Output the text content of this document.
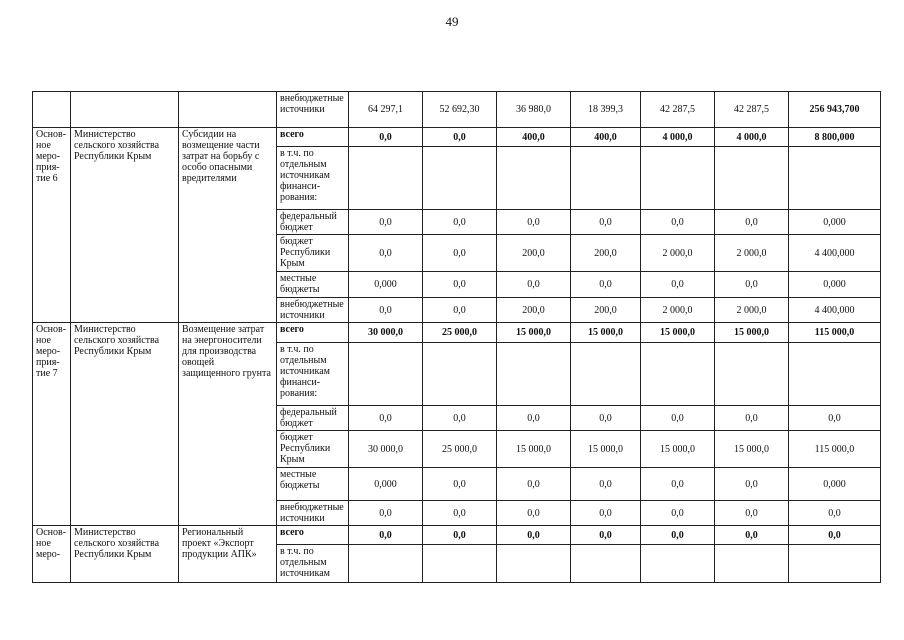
49
			внебюджетные источники	64 297,1	52 692,30	36 980,0	18 399,3	42 287,5	42 287,5	256 943,700
Основ-ное меро-прия-тие 6	Министерство сельского хозяйства Республики Крым	Субсидии на возмещение части затрат на борьбу с особо опасными вредителями	всего	0,0	0,0	400,0	400,0	4 000,0	4 000,0	8 800,000
			в т.ч. по отдельным источникам финанси-рования:							
			федеральный бюджет	0,0	0,0	0,0	0,0	0,0	0,0	0,000
			бюджет Республики Крым	0,0	0,0	200,0	200,0	2 000,0	2 000,0	4 400,000
			местные бюджеты	0,000	0,0	0,0	0,0	0,0	0,0	0,000
			внебюджетные источники	0,0	0,0	200,0	200,0	2 000,0	2 000,0	4 400,000
Основ-ное меро-прия-тие 7	Министерство сельского хозяйства Республики Крым	Возмещение затрат на энергоносители для производства овощей защищенного грунта	всего	30 000,0	25 000,0	15 000,0	15 000,0	15 000,0	15 000,0	115 000,0
			в т.ч. по отдельным источникам финанси-рования:							
			федеральный бюджет	0,0	0,0	0,0	0,0	0,0	0,0	0,0
			бюджет Республики Крым	30 000,0	25 000,0	15 000,0	15 000,0	15 000,0	15 000,0	115 000,0
			местные бюджеты	0,000	0,0	0,0	0,0	0,0	0,0	0,000
			внебюджетные источники	0,0	0,0	0,0	0,0	0,0	0,0	0,0
Основ-ное меро-	Министерство сельского хозяйства Республики Крым	Региональный проект «Экспорт продукции АПК»	всего	0,0	0,0	0,0	0,0	0,0	0,0	0,0
			в т.ч. по отдельным источникам							
